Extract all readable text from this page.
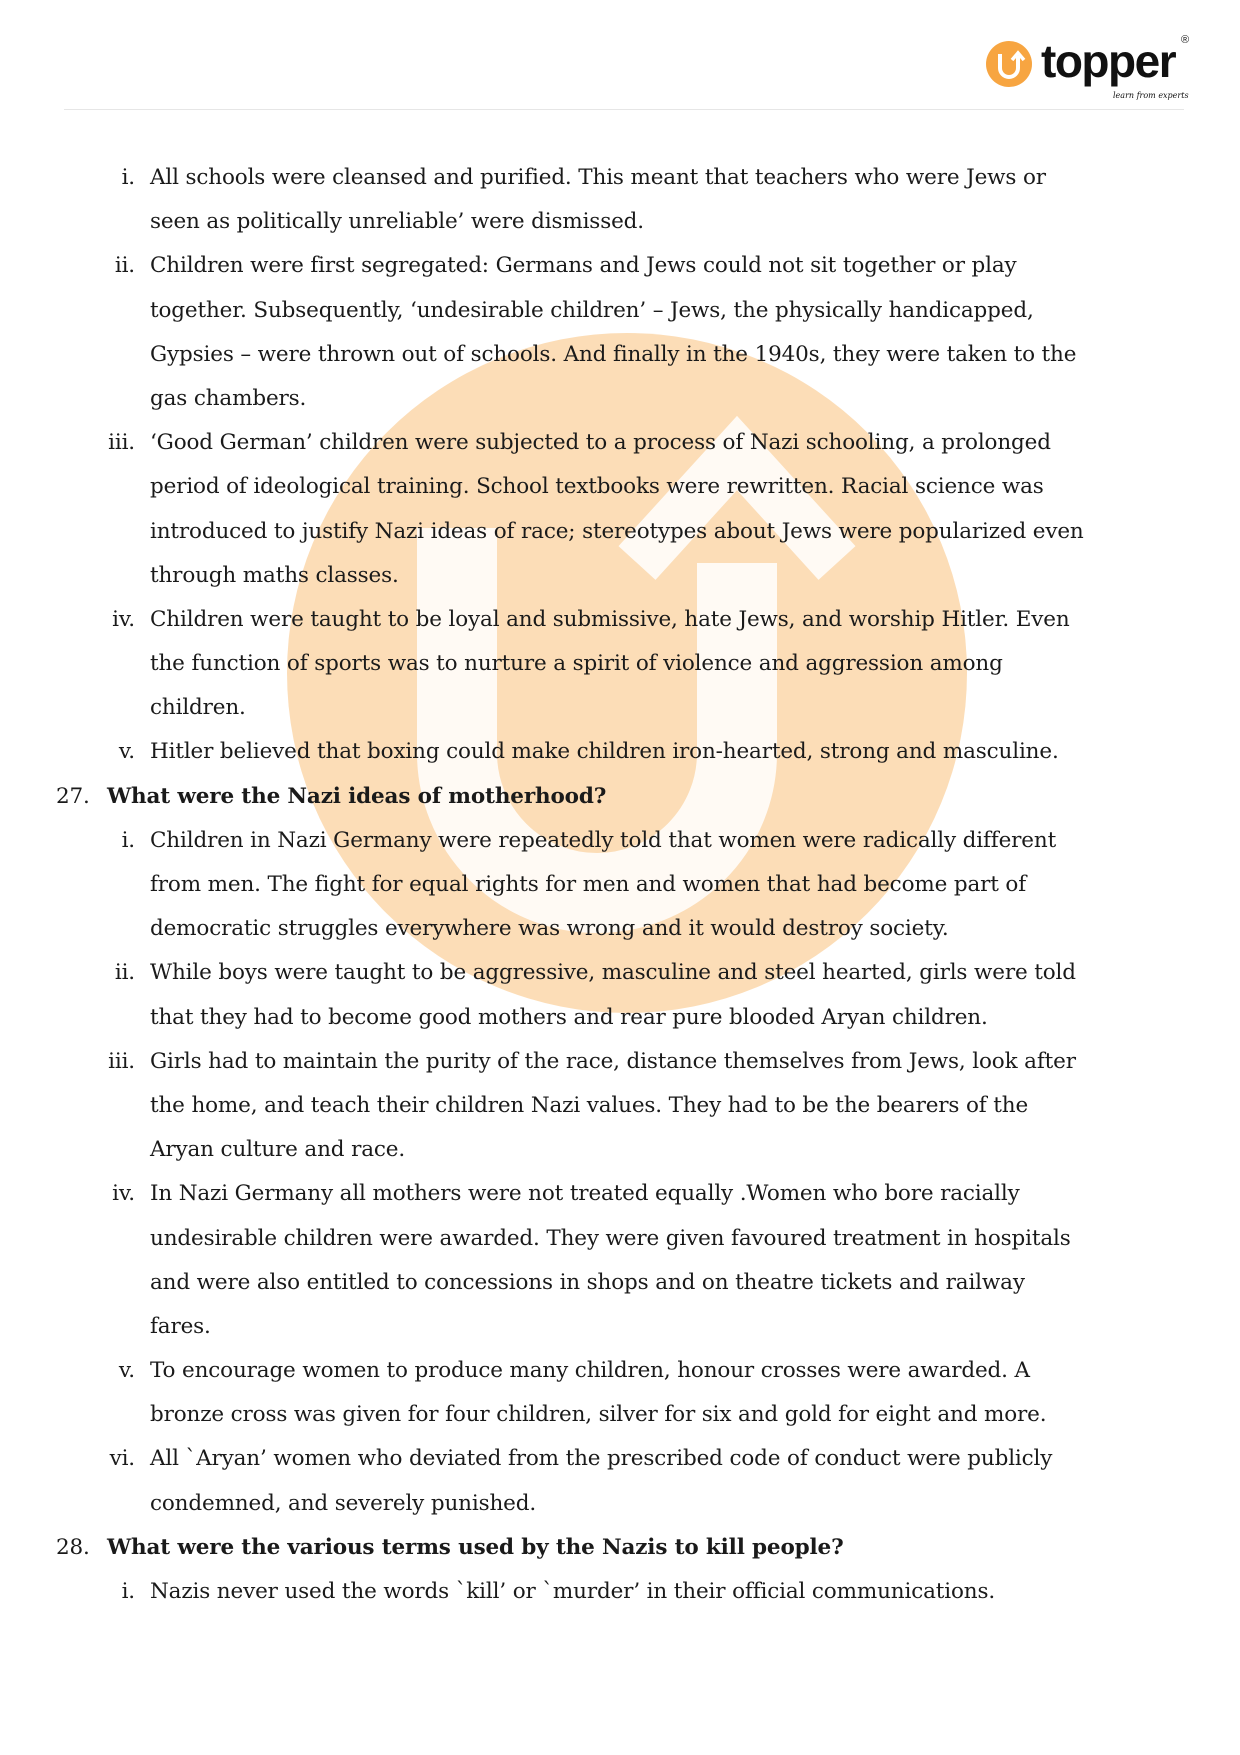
topper ®
learn from experts
i. All schools were cleansed and purified. This meant that teachers who were Jews or
seen as politically unreliable’ were dismissed.
ii. Children were first segregated: Germans and Jews could not sit together or play
together. Subsequently, ‘undesirable children’ – Jews, the physically handicapped,
Gypsies – were thrown out of schools. And finally in the 1940s, they were taken to the
gas chambers.
iii. ‘Good German’ children were subjected to a process of Nazi schooling, a prolonged
period of ideological training. School textbooks were rewritten. Racial science was
introduced to justify Nazi ideas of race; stereotypes about Jews were popularized even
through maths classes.
iv. Children were taught to be loyal and submissive, hate Jews, and worship Hitler. Even
the function of sports was to nurture a spirit of violence and aggression among
children.
v. Hitler believed that boxing could make children iron-hearted, strong and masculine.
27. What were the Nazi ideas of motherhood?
i. Children in Nazi Germany were repeatedly told that women were radically different
from men. The fight for equal rights for men and women that had become part of
democratic struggles everywhere was wrong and it would destroy society.
ii. While boys were taught to be aggressive, masculine and steel hearted, girls were told
that they had to become good mothers and rear pure blooded Aryan children.
iii. Girls had to maintain the purity of the race, distance themselves from Jews, look after
the home, and teach their children Nazi values. They had to be the bearers of the
Aryan culture and race.
iv. In Nazi Germany all mothers were not treated equally .Women who bore racially
undesirable children were awarded. They were given favoured treatment in hospitals
and were also entitled to concessions in shops and on theatre tickets and railway
fares.
v. To encourage women to produce many children, honour crosses were awarded. A
bronze cross was given for four children, silver for six and gold for eight and more.
vi. All `Aryan’ women who deviated from the prescribed code of conduct were publicly
condemned, and severely punished.
28. What were the various terms used by the Nazis to kill people?
i. Nazis never used the words `kill’ or `murder’ in their official communications.
